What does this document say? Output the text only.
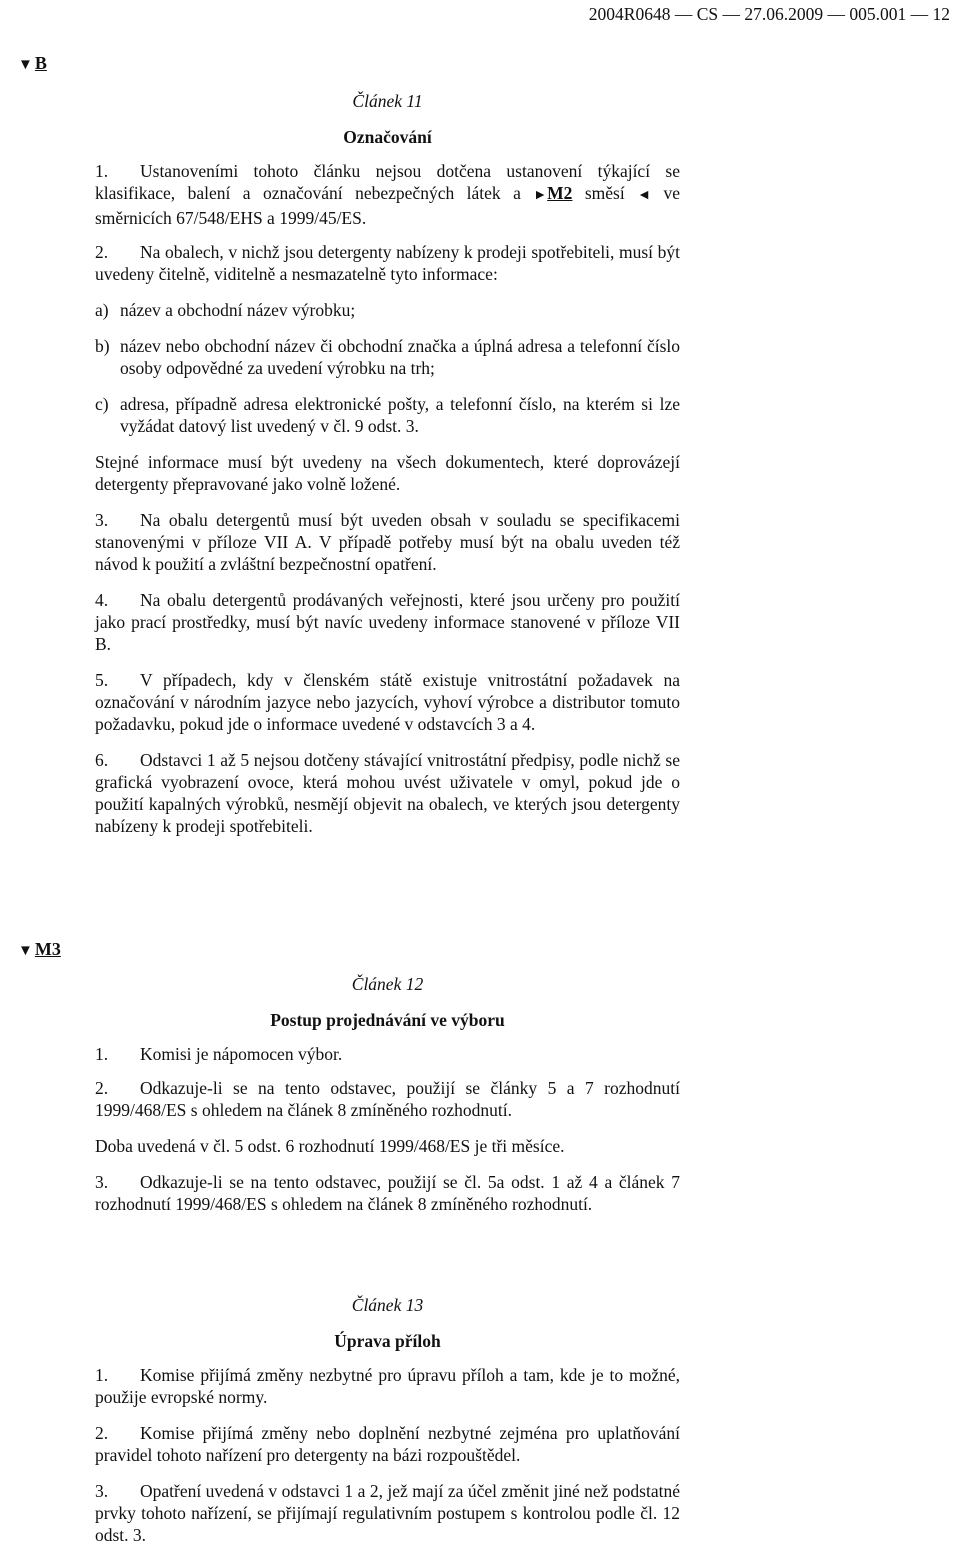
2004R0648 — CS — 27.06.2009 — 005.001 — 12
▼ B
▼ M3

Článek 11

Označování

1. Ustanoveními tohoto článku nejsou dotčena ustanovení týkající se klasifikace, balení a označování nebezpečných látek a ►M2 směsí ◄ ve směrnicích 67/548/EHS a 1999/45/ES.

2. Na obalech, v nichž jsou detergenty nabízeny k prodeji spotřebiteli, musí být uvedeny čitelně, viditelně a nesmazatelně tyto informace:

a) název a obchodní název výrobku;
b) název nebo obchodní název či obchodní značka a úplná adresa a telefonní číslo osoby odpovědné za uvedení výrobku na trh;
c) adresa, případně adresa elektronické pošty, a telefonní číslo, na kterém si lze vyžádat datový list uvedený v čl. 9 odst. 3.

Stejné informace musí být uvedeny na všech dokumentech, které doprovázejí detergenty přepravované jako volně ložené.

3. Na obalu detergentů musí být uveden obsah v souladu se specifikacemi stanovenými v příloze VII A. V případě potřeby musí být na obalu uveden též návod k použití a zvláštní bezpečnostní opatření.

4. Na obalu detergentů prodávaných veřejnosti, které jsou určeny pro použití jako prací prostředky, musí být navíc uvedeny informace stanovené v příloze VII B.

5. V případech, kdy v členském státě existuje vnitrostátní požadavek na označování v národním jazyce nebo jazycích, vyhoví výrobce a distributor tomuto požadavku, pokud jde o informace uvedené v odstavcích 3 a 4.

6. Odstavci 1 až 5 nejsou dotčeny stávající vnitrostátní předpisy, podle nichž se grafická vyobrazení ovoce, která mohou uvést uživatele v omyl, pokud jde o použití kapalných výrobků, nesmějí objevit na obalech, ve kterých jsou detergenty nabízeny k prodeji spotřebiteli.

Článek 12

Postup projednávání ve výboru

1. Komisi je nápomocen výbor.

2. Odkazuje-li se na tento odstavec, použijí se články 5 a 7 rozhodnutí 1999/468/ES s ohledem na článek 8 zmíněného rozhodnutí.

Doba uvedená v čl. 5 odst. 6 rozhodnutí 1999/468/ES je tři měsíce.

3. Odkazuje-li se na tento odstavec, použijí se čl. 5a odst. 1 až 4 a článek 7 rozhodnutí 1999/468/ES s ohledem na článek 8 zmíněného rozhodnutí.

Článek 13

Úprava příloh

1. Komise přijímá změny nezbytné pro úpravu příloh a tam, kde je to možné, použije evropské normy.

2. Komise přijímá změny nebo doplnění nezbytné zejména pro uplatňování pravidel tohoto nařízení pro detergenty na bázi rozpouštědel.

3. Opatření uvedená v odstavci 1 a 2, jež mají za účel změnit jiné než podstatné prvky tohoto nařízení, se přijímají regulativním postupem s kontrolou podle čl. 12 odst. 3.
